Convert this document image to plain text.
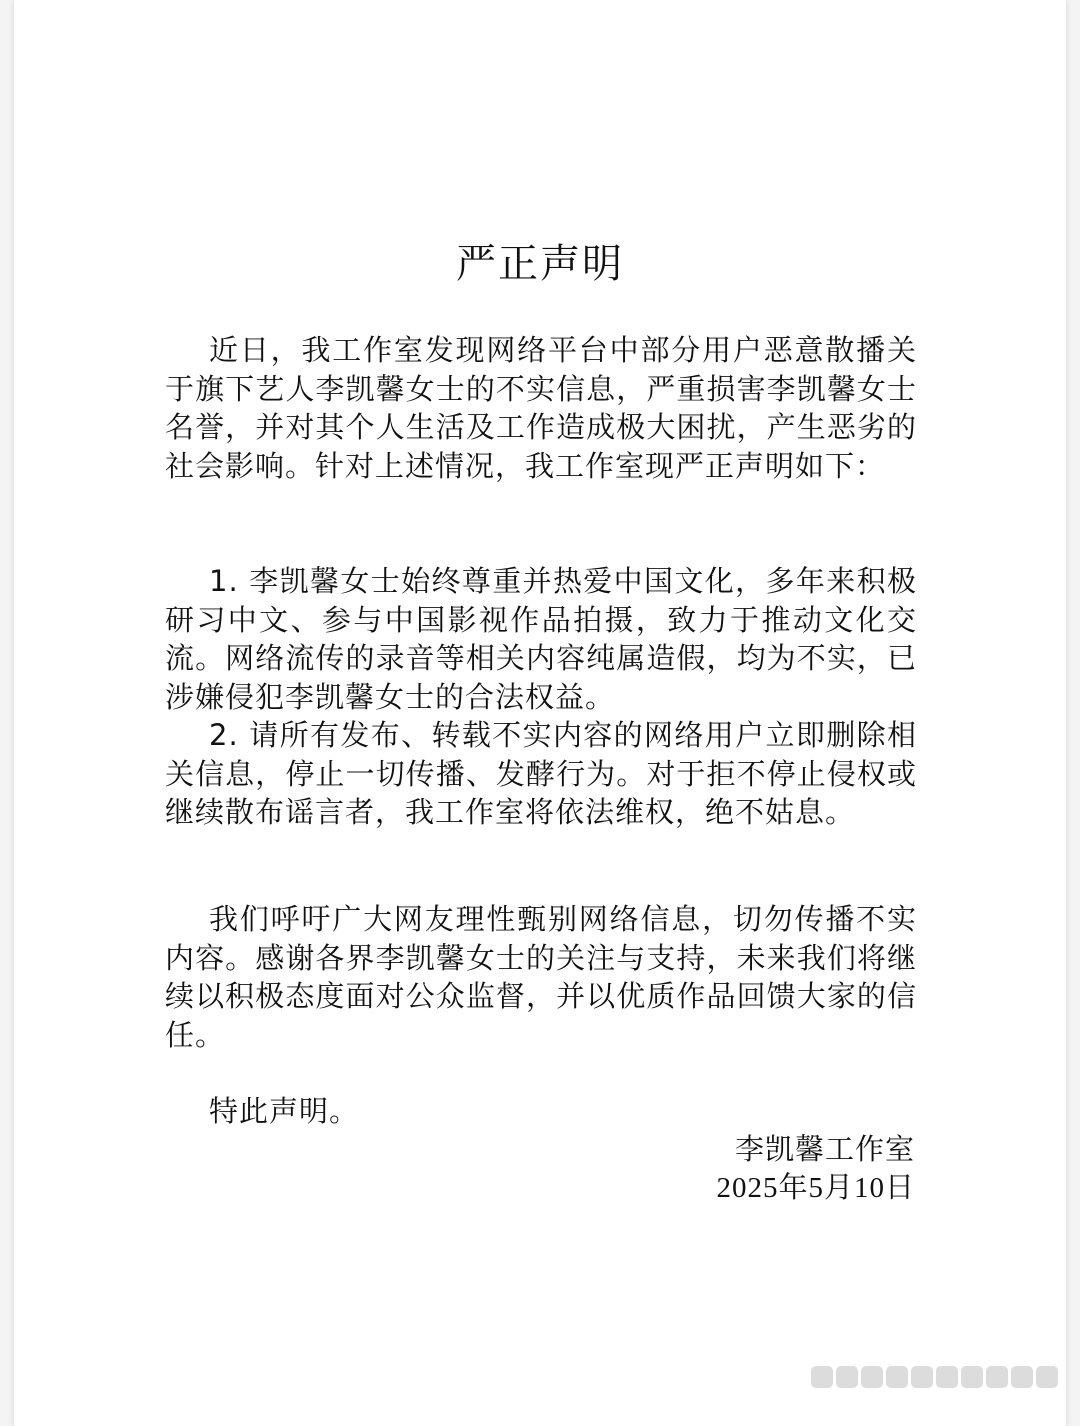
严正声明

近日，我工作室发现网络平台中部分用户恶意散播关于旗下艺人李凯馨女士的不实信息，严重损害李凯馨女士名誉，并对其个人生活及工作造成极大困扰，产生恶劣的社会影响。针对上述情况，我工作室现严正声明如下：

1. 李凯馨女士始终尊重并热爱中国文化，多年来积极研习中文、参与中国影视作品拍摄，致力于推动文化交流。网络流传的录音等相关内容纯属造假，均为不实，已涉嫌侵犯李凯馨女士的合法权益。

2. 请所有发布、转载不实内容的网络用户立即删除相关信息，停止一切传播、发酵行为。对于拒不停止侵权或继续散布谣言者，我工作室将依法维权，绝不姑息。

我们呼吁广大网友理性甄别网络信息，切勿传播不实内容。感谢各界李凯馨女士的关注与支持，未来我们将继续以积极态度面对公众监督，并以优质作品回馈大家的信任。

特此声明。

李凯馨工作室
2025年5月10日
